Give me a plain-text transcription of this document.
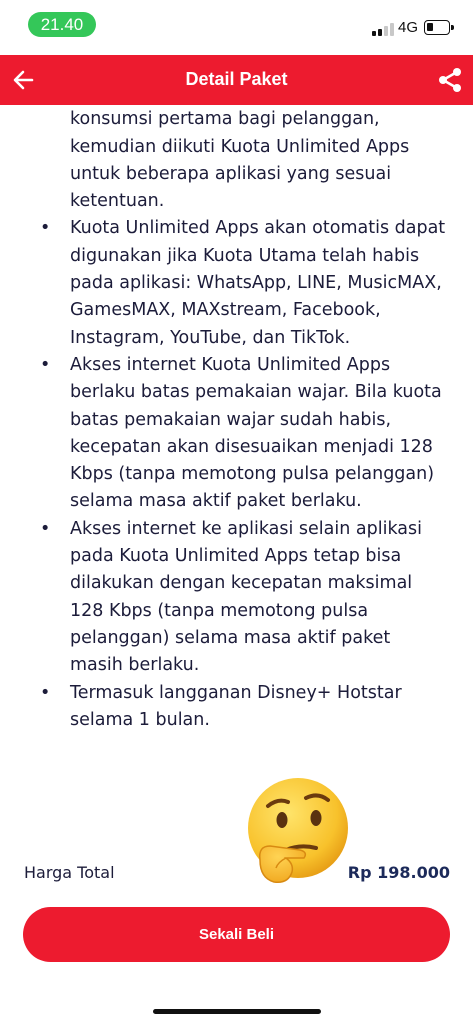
21.40	4G
Detail Paket
konsumsi pertama bagi pelanggan, kemudian diikuti Kuota Unlimited Apps untuk beberapa aplikasi yang sesuai ketentuan.
• Kuota Unlimited Apps akan otomatis dapat digunakan jika Kuota Utama telah habis pada aplikasi: WhatsApp, LINE, MusicMAX, GamesMAX, MAXstream, Facebook, Instagram, YouTube, dan TikTok.
• Akses internet Kuota Unlimited Apps berlaku batas pemakaian wajar. Bila kuota batas pemakaian wajar sudah habis, kecepatan akan disesuaikan menjadi 128 Kbps (tanpa memotong pulsa pelanggan) selama masa aktif paket berlaku.
• Akses internet ke aplikasi selain aplikasi pada Kuota Unlimited Apps tetap bisa dilakukan dengan kecepatan maksimal 128 Kbps (tanpa memotong pulsa pelanggan) selama masa aktif paket masih berlaku.
• Termasuk langganan Disney+ Hotstar selama 1 bulan.
Harga Total	Rp 198.000
Sekali Beli
